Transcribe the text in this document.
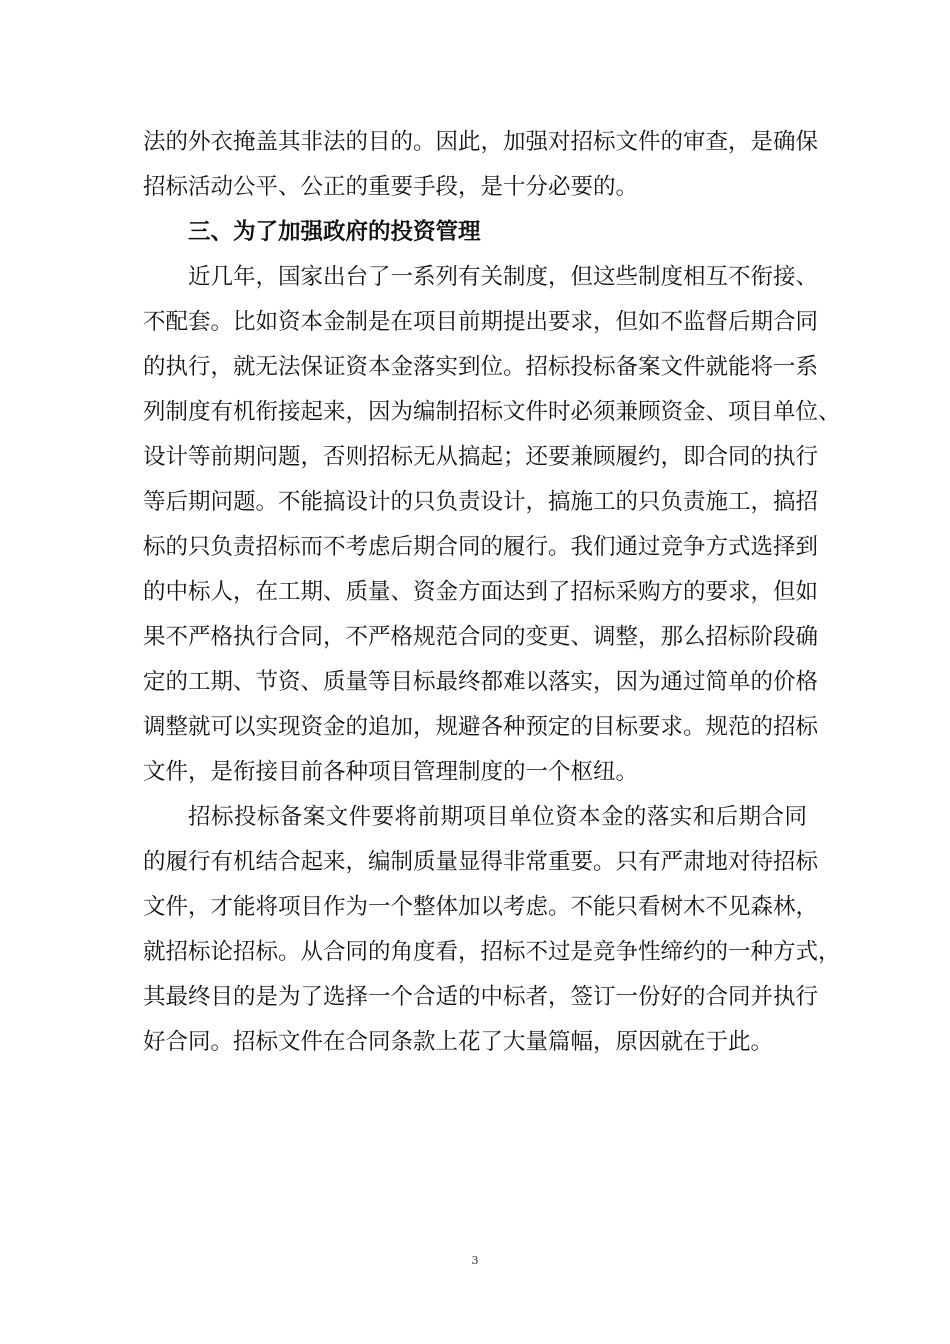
法的外衣掩盖其非法的目的。因此，加强对招标文件的审查，是确保
招标活动公平、公正的重要手段，是十分必要的。
三、为了加强政府的投资管理
近几年，国家出台了一系列有关制度，但这些制度相互不衔接、
不配套。比如资本金制是在项目前期提出要求，但如不监督后期合同
的执行，就无法保证资本金落实到位。招标投标备案文件就能将一系
列制度有机衔接起来，因为编制招标文件时必须兼顾资金、项目单位、
设计等前期问题，否则招标无从搞起；还要兼顾履约，即合同的执行
等后期问题。不能搞设计的只负责设计，搞施工的只负责施工，搞招
标的只负责招标而不考虑后期合同的履行。我们通过竞争方式选择到
的中标人，在工期、质量、资金方面达到了招标采购方的要求，但如
果不严格执行合同，不严格规范合同的变更、调整，那么招标阶段确
定的工期、节资、质量等目标最终都难以落实，因为通过简单的价格
调整就可以实现资金的追加，规避各种预定的目标要求。规范的招标
文件，是衔接目前各种项目管理制度的一个枢纽。
招标投标备案文件要将前期项目单位资本金的落实和后期合同
的履行有机结合起来，编制质量显得非常重要。只有严肃地对待招标
文件，才能将项目作为一个整体加以考虑。不能只看树木不见森林，
就招标论招标。从合同的角度看，招标不过是竞争性缔约的一种方式，
其最终目的是为了选择一个合适的中标者，签订一份好的合同并执行
好合同。招标文件在合同条款上花了大量篇幅，原因就在于此。
3
